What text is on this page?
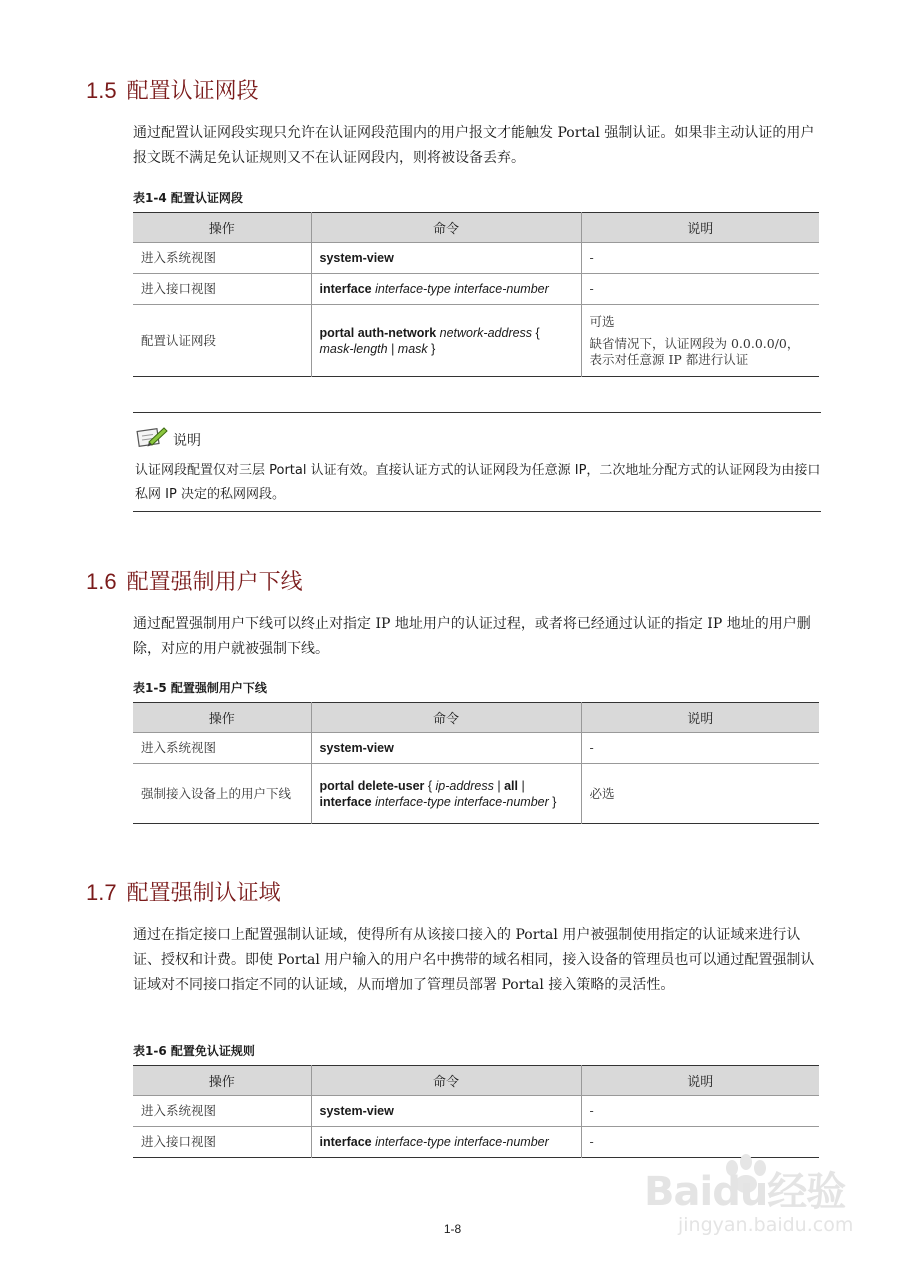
1.5 配置认证网段

通过配置认证网段实现只允许在认证网段范围内的用户报文才能触发 Portal 强制认证。如果非主动认证的用户报文既不满足免认证规则又不在认证网段内，则将被设备丢弃。

表1-4 配置认证网段

操作	命令	说明
进入系统视图	system-view	-

进入接口视图	interface interface-type interface-number	-

配置认证网段	portal auth-network network-address { mask-length | mask }	可选

缺省情况下，认证网段为 0.0.0.0/0，表示对任意源 IP 都进行认证

说明

认证网段配置仅对三层 Portal 认证有效。直接认证方式的认证网段为任意源 IP，二次地址分配方式的认证网段为由接口私网 IP 决定的私网网段。

1.6 配置强制用户下线

通过配置强制用户下线可以终止对指定 IP 地址用户的认证过程，或者将已经通过认证的指定 IP 地址的用户删除，对应的用户就被强制下线。

表1-5 配置强制用户下线

操作	命令	说明
进入系统视图	system-view	-

强制接入设备上的用户下线	portal delete-user { ip-address | all | interface interface-type interface-number }	必选

1.7 配置强制认证域

通过在指定接口上配置强制认证域，使得所有从该接口接入的 Portal 用户被强制使用指定的认证域来进行认证、授权和计费。即使 Portal 用户输入的用户名中携带的域名相同，接入设备的管理员也可以通过配置强制认证域对不同接口指定不同的认证域，从而增加了管理员部署 Portal 接入策略的灵活性。

表1-6 配置免认证规则

操作	命令	说明
进入系统视图	system-view	-

进入接口视图	interface interface-type interface-number	-

Baidu经验
jingyan.baidu.com
1-8
